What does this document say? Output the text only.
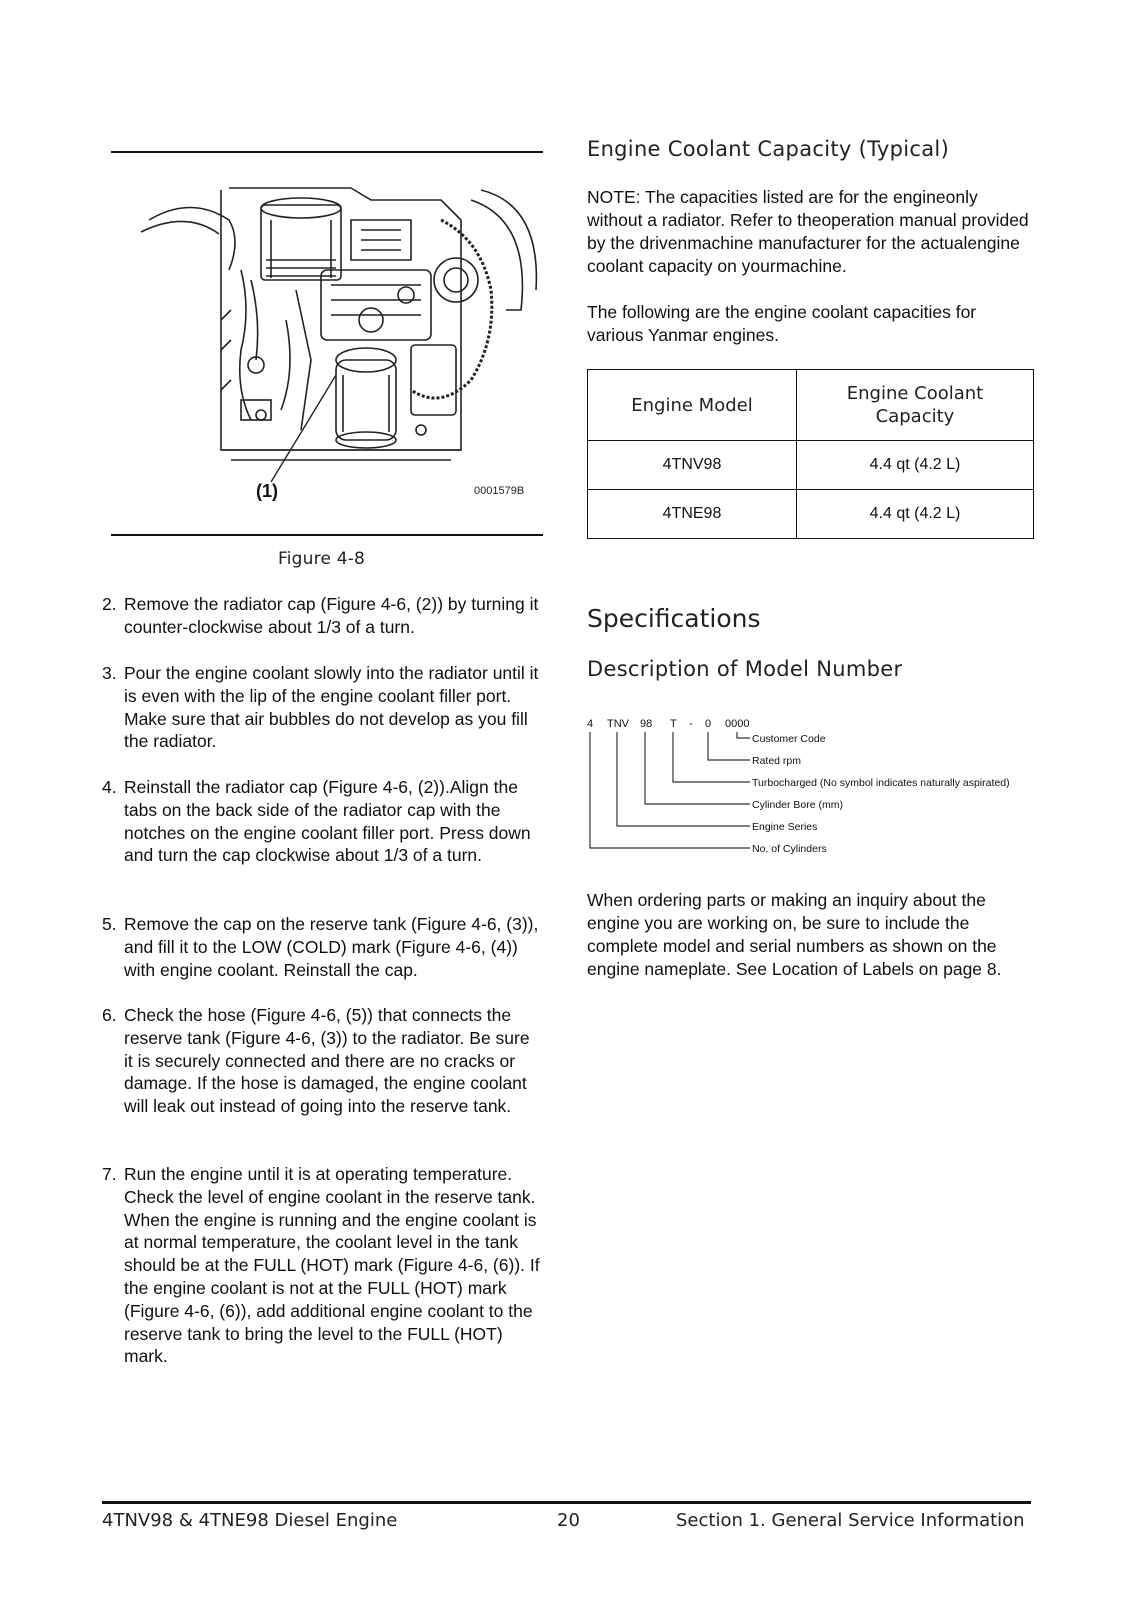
(1)	0001579B
Figure 4-8
2. Remove the radiator cap (Figure 4-6, (2)) by turning it counter-clockwise about 1/3 of a turn.
3. Pour the engine coolant slowly into the radiator until it is even with the lip of the engine coolant filler port. Make sure that air bubbles do not develop as you fill the radiator.
4. Reinstall the radiator cap (Figure 4-6, (2)).Align the tabs on the back side of the radiator cap with the notches on the engine coolant filler port. Press down and turn the cap clockwise about 1/3 of a turn.
5. Remove the cap on the reserve tank (Figure 4-6, (3)), and fill it to the LOW (COLD) mark (Figure 4-6, (4)) with engine coolant. Reinstall the cap.
6. Check the hose (Figure 4-6, (5)) that connects the reserve tank (Figure 4-6, (3)) to the radiator. Be sure it is securely connected and there are no cracks or damage. If the hose is damaged, the engine coolant will leak out instead of going into the reserve tank.
7. Run the engine until it is at operating temperature. Check the level of engine coolant in the reserve tank. When the engine is running and the engine coolant is at normal temperature, the coolant level in the tank should be at the FULL (HOT) mark (Figure 4-6, (6)). If the engine coolant is not at the FULL (HOT) mark (Figure 4-6, (6)), add additional engine coolant to the reserve tank to bring the level to the FULL (HOT) mark.
Engine Coolant Capacity (Typical)
NOTE: The capacities listed are for the engineonly without a radiator. Refer to theoperation manual provided by the drivenmachine manufacturer for the actualengine coolant capacity on yourmachine.
The following are the engine coolant capacities for various Yanmar engines.
Engine Model	Engine Coolant Capacity

4TNV98	4.4 qt (4.2 L)
4TNE98	4.4 qt (4.2 L)
Specifications
Description of Model Number
4 TNV 98 T - 0 0000
Customer Code
Rated rpm
Turbocharged (No symbol indicates naturally aspirated)
Cylinder Bore (mm)
Engine Series
No. of Cylinders
When ordering parts or making an inquiry about the engine you are working on, be sure to include the complete model and serial numbers as shown on the engine nameplate. See Location of Labels on page 8.
4TNV98 & 4TNE98 Diesel Engine	20	Section 1. General Service Information
